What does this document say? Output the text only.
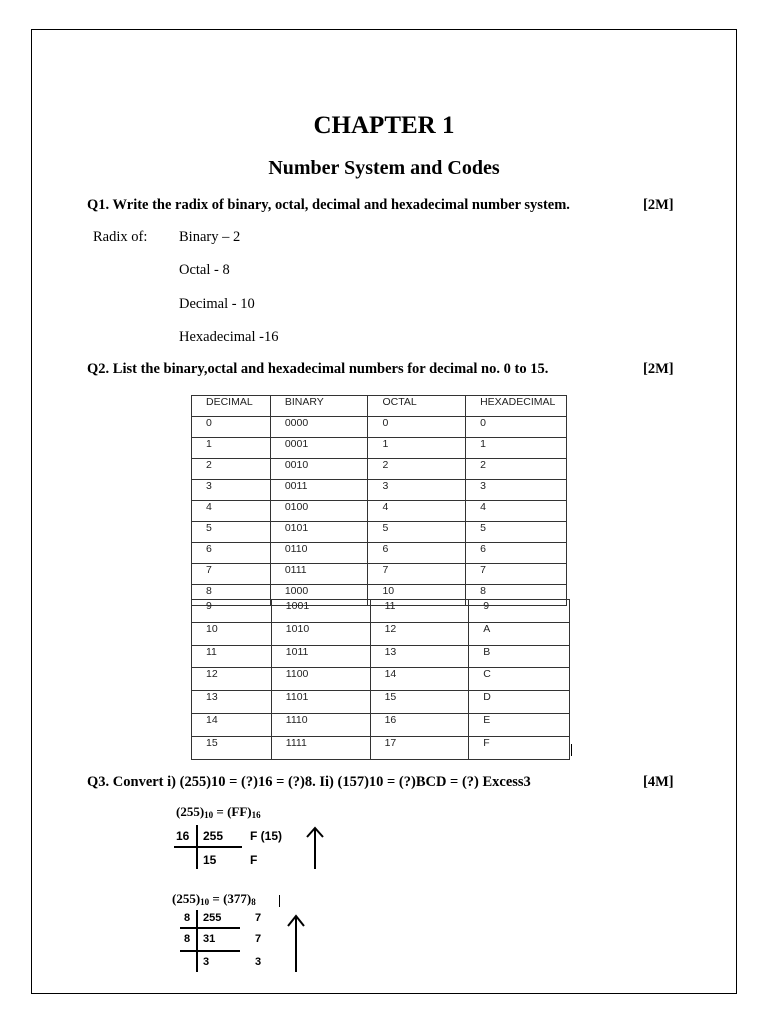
CHAPTER 1
Number System and Codes
Q1. Write the radix of binary, octal, decimal and hexadecimal number system.	[2M]
Radix of: Binary – 2
Octal - 8
Decimal - 10
Hexadecimal -16
Q2. List the binary,octal and hexadecimal numbers for decimal no. 0 to 15.	[2M]
DECIMAL	BINARY	OCTAL	HEXADECIMAL
0	0000	0	0
1	0001	1	1
2	0010	2	2
3	0011	3	3
4	0100	4	4
5	0101	5	5
6	0110	6	6
7	0111	7	7
8	1000	10	8
9	1001	11	9
10	1010	12	A
11	1011	13	B
12	1100	14	C
13	1101	15	D
14	1110	16	E
15	1111	17	F
Q3. Convert i) (255)10 = (?)16 = (?)8. Ii) (157)10 = (?)BCD = (?) Excess3	[4M]
$(255)_{10} = (FF)_{16}$
16 255 F (15)
15	F
$(255)_{10} = (377)_8$
8 255	7
8 31	7
3	3
